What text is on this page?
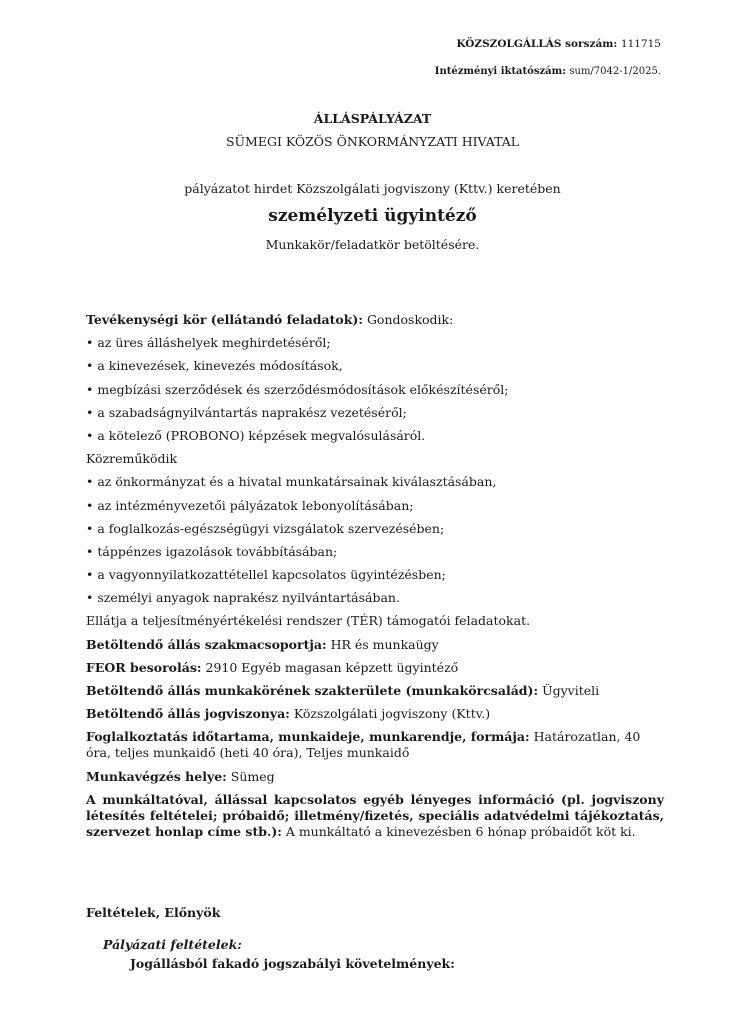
KÖZSZOLGÁLLÁS sorszám: 111715
Intézményi iktatószám: sum/7042-1/2025.
ÁLLÁSPÁLYÁZAT
SÜMEGI KÖZÖS ÖNKORMÁNYZATI HIVATAL
pályázatot hirdet Közszolgálati jogviszony (Kttv.) keretében
személyzeti ügyintéző
Munkakör/feladatkör betöltésére.
Tevékenységi kör (ellátandó feladatok): Gondoskodik:
• az üres álláshelyek meghirdetéséről;
• a kinevezések, kinevezés módosítások,
• megbízási szerződések és szerződésmódosítások előkészítéséről;
• a szabadságnyilvántartás naprakész vezetéséről;
• a kötelező (PROBONO) képzések megvalósulásáról.
Közreműködik
• az önkormányzat és a hivatal munkatársainak kiválasztásában,
• az intézményvezetői pályázatok lebonyolításában;
• a foglalkozás-egészségügyi vizsgálatok szervezésében;
• táppénzes igazolások továbbításában;
• a vagyonnyilatkozattétellel kapcsolatos ügyintézésben;
• személyi anyagok naprakész nyilvántartásában.
Ellátja a teljesítményértékelési rendszer (TÉR) támogatói feladatokat.
Betöltendő állás szakmacsoportja: HR és munkaügy
FEOR besorolás: 2910 Egyéb magasan képzett ügyintéző
Betöltendő állás munkakörének szakterülete (munkakörcsalád): Ügyviteli
Betöltendő állás jogviszonya: Közszolgálati jogviszony (Kttv.)
Foglalkoztatás időtartama, munkaideje, munkarendje, formája: Határozatlan, 40 óra, teljes munkaidő (heti 40 óra), Teljes munkaidő
Munkavégzés helye: Sümeg
A munkáltatóval, állással kapcsolatos egyéb lényeges információ (pl. jogviszony létesítés feltételei; próbaidő; illetmény/fizetés, speciális adatvédelmi tájékoztatás, szervezet honlap címe stb.): A munkáltató a kinevezésben 6 hónap próbaidőt köt ki.
Feltételek, Előnyök
Pályázati feltételek:
Jogállásból fakadó jogszabályi követelmények:
